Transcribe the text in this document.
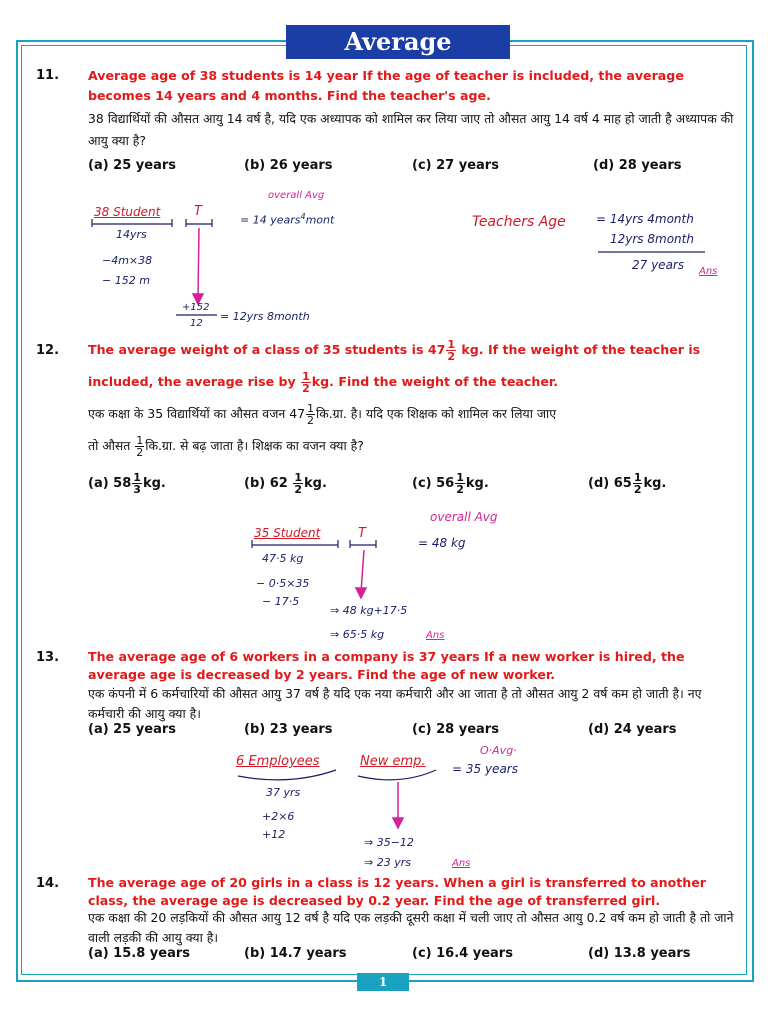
Average
11. Average age of 38 students is 14 year If the age of teacher is included, the average becomes 14 years and 4 months. Find the teacher's age.

38 विद्यार्थियों की औसत आयु 14 वर्ष है, यदि एक अध्यापक को शामिल कर लिया जाए तो औसत आयु 14 वर्ष 4 माह हो जाती है अध्यापक की आयु क्या है?

(a) 25 years	(b) 26 years	(c) 27 years	(d) 28 years
38 Student	T
overall Avg
= 14 years$^4$mont
14yrs
−4m×38
− 152 m
+152
12
= 12yrs 8month
Teachers Age	= 14yrs 4month
12yrs 8month
27 years Ans
12. The average weight of a class of 35 students is $47 \frac{1}{2}$ kg. If the weight of the teacher is

included, the average rise by $\frac{1}{2}$ kg. Find the weight of the teacher.

एक कक्षा के 35 विद्यार्थियों का औसत वजन $47 \frac{1}{2}$ कि.ग्रा. है। यदि एक शिक्षक को शामिल कर लिया जाए

तो औसत $\frac{1}{2}$ कि.ग्रा. से बढ़ जाता है। शिक्षक का वजन क्या है?

(a) $58 \frac{1}{3}$ kg.	(b) $62 \frac{1}{2}$ kg.	(c) $56 \frac{1}{2}$ kg.	(d) $65 \frac{1}{2}$ kg.
35 Student	T
overall Avg
= 48 kg
47·5 kg
− 0·5×35
− 17·5
⇒ 48 kg+17·5
⇒ 65·5 kg	Ans
13. The average age of 6 workers in a company is 37 years If a new worker is hired, the average age is decreased by 2 years. Find the age of new worker.

एक कंपनी में 6 कर्मचारियों की औसत आयु 37 वर्ष है यदि एक नया कर्मचारी और आ जाता है तो औसत आयु 2 वर्ष कम हो जाती है। नए कर्मचारी की आयु क्या है।

(a) 25 years	(b) 23 years	(c) 28 years	(d) 24 years
6 Employees	New emp.
O·Avg·
= 35 years
37 yrs
+2×6
+12
⇒ 35−12
⇒ 23 yrs	Ans
14. The average age of 20 girls in a class is 12 years. When a girl is transferred to another class, the average age is decreased by 0.2 year. Find the age of transferred girl.

एक कक्षा की 20 लड़कियों की औसत आयु 12 वर्ष है यदि एक लड़की दूसरी कक्षा में चली जाए तो औसत आयु 0.2 वर्ष कम हो जाती है तो जाने वाली लड़की की आयु क्या है।

(a) 15.8 years	(b) 14.7 years	(c) 16.4 years	(d) 13.8 years
1
